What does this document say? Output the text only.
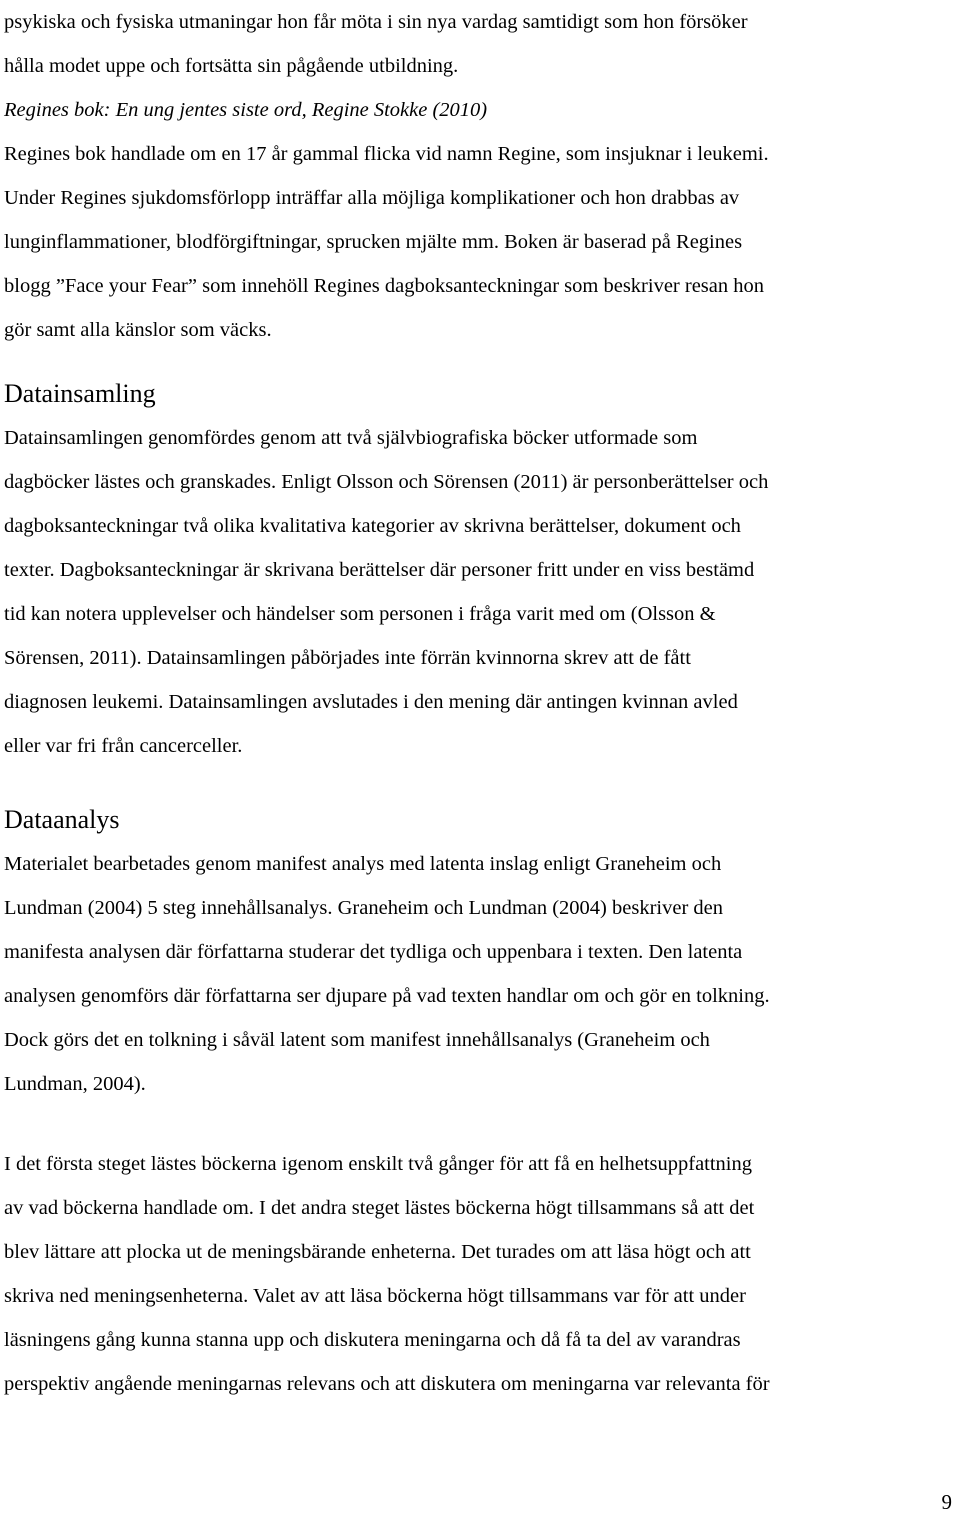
psykiska och fysiska utmaningar hon får möta i sin nya vardag samtidigt som hon försöker
hålla modet uppe och fortsätta sin pågående utbildning.
Regines bok: En ung jentes siste ord, Regine Stokke (2010)
Regines bok handlade om en 17 år gammal flicka vid namn Regine, som insjuknar i leukemi.
Under Regines sjukdomsförlopp inträffar alla möjliga komplikationer och hon drabbas av
lunginflammationer, blodförgiftningar, sprucken mjälte mm. Boken är baserad på Regines
blogg ”Face your Fear” som innehöll Regines dagboksanteckningar som beskriver resan hon
gör samt alla känslor som väcks.
Datainsamling
Datainsamlingen genomfördes genom att två självbiografiska böcker utformade som
dagböcker lästes och granskades. Enligt Olsson och Sörensen (2011) är personberättelser och
dagboksanteckningar två olika kvalitativa kategorier av skrivna berättelser, dokument och
texter. Dagboksanteckningar är skrivana berättelser där personer fritt under en viss bestämd
tid kan notera upplevelser och händelser som personen i fråga varit med om (Olsson &
Sörensen, 2011). Datainsamlingen påbörjades inte förrän kvinnorna skrev att de fått
diagnosen leukemi. Datainsamlingen avslutades i den mening där antingen kvinnan avled
eller var fri från cancerceller.
Dataanalys
Materialet bearbetades genom manifest analys med latenta inslag enligt Graneheim och
Lundman (2004) 5 steg innehållsanalys. Graneheim och Lundman (2004) beskriver den
manifesta analysen där författarna studerar det tydliga och uppenbara i texten. Den latenta
analysen genomförs där författarna ser djupare på vad texten handlar om och gör en tolkning.
Dock görs det en tolkning i såväl latent som manifest innehållsanalys (Graneheim och
Lundman, 2004).
I det första steget lästes böckerna igenom enskilt två gånger för att få en helhetsuppfattning
av vad böckerna handlade om. I det andra steget lästes böckerna högt tillsammans så att det
blev lättare att plocka ut de meningsbärande enheterna. Det turades om att läsa högt och att
skriva ned meningsenheterna. Valet av att läsa böckerna högt tillsammans var för att under
läsningens gång kunna stanna upp och diskutera meningarna och då få ta del av varandras
perspektiv angående meningarnas relevans och att diskutera om meningarna var relevanta för
9
